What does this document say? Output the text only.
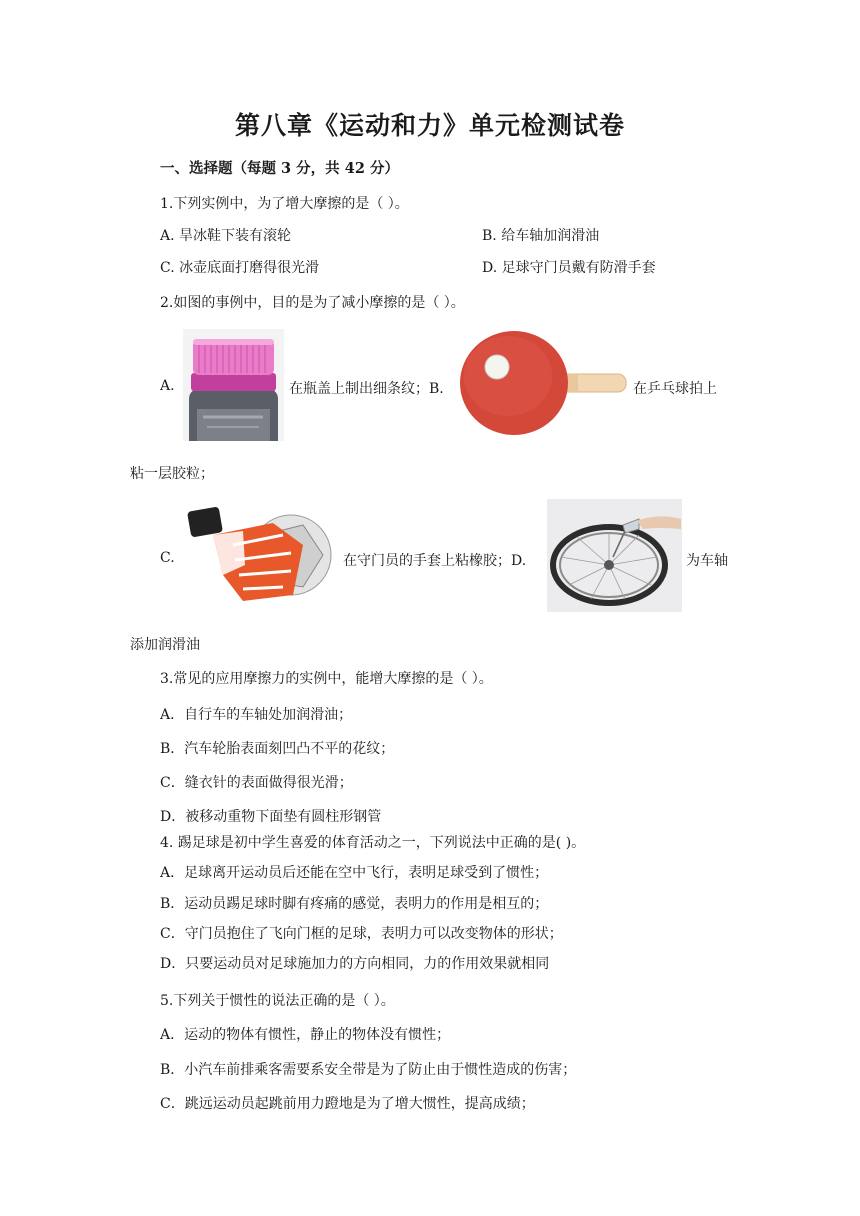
第八章《运动和力》单元检测试卷
一、选择题（每题 3 分，共 42 分）
1.下列实例中，为了增大摩擦的是（ ）。
A. 旱冰鞋下装有滚轮	B. 给车轴加润滑油
C. 冰壶底面打磨得很光滑	D. 足球守门员戴有防滑手套
2.如图的事例中，目的是为了减小摩擦的是（ ）。
A.	在瓶盖上制出细条纹；B.	在乒乓球拍上
粘一层胶粒；
C.	在守门员的手套上粘橡胶；D.	为车轴
添加润滑油
3.常见的应用摩擦力的实例中，能增大摩擦的是（ ）。
A．自行车的车轴处加润滑油；
B．汽车轮胎表面刻凹凸不平的花纹；
C．缝衣针的表面做得很光滑；
D．被移动重物下面垫有圆柱形钢管
4. 踢足球是初中学生喜爱的体育活动之一，下列说法中正确的是( )。
A．足球离开运动员后还能在空中飞行，表明足球受到了惯性；
B．运动员踢足球时脚有疼痛的感觉，表明力的作用是相互的；
C．守门员抱住了飞向门框的足球，表明力可以改变物体的形状；
D．只要运动员对足球施加力的方向相同，力的作用效果就相同
5.下列关于惯性的说法正确的是（ ）。
A．运动的物体有惯性，静止的物体没有惯性；
B．小汽车前排乘客需要系安全带是为了防止由于惯性造成的伤害；
C．跳远运动员起跳前用力蹬地是为了增大惯性，提高成绩；
